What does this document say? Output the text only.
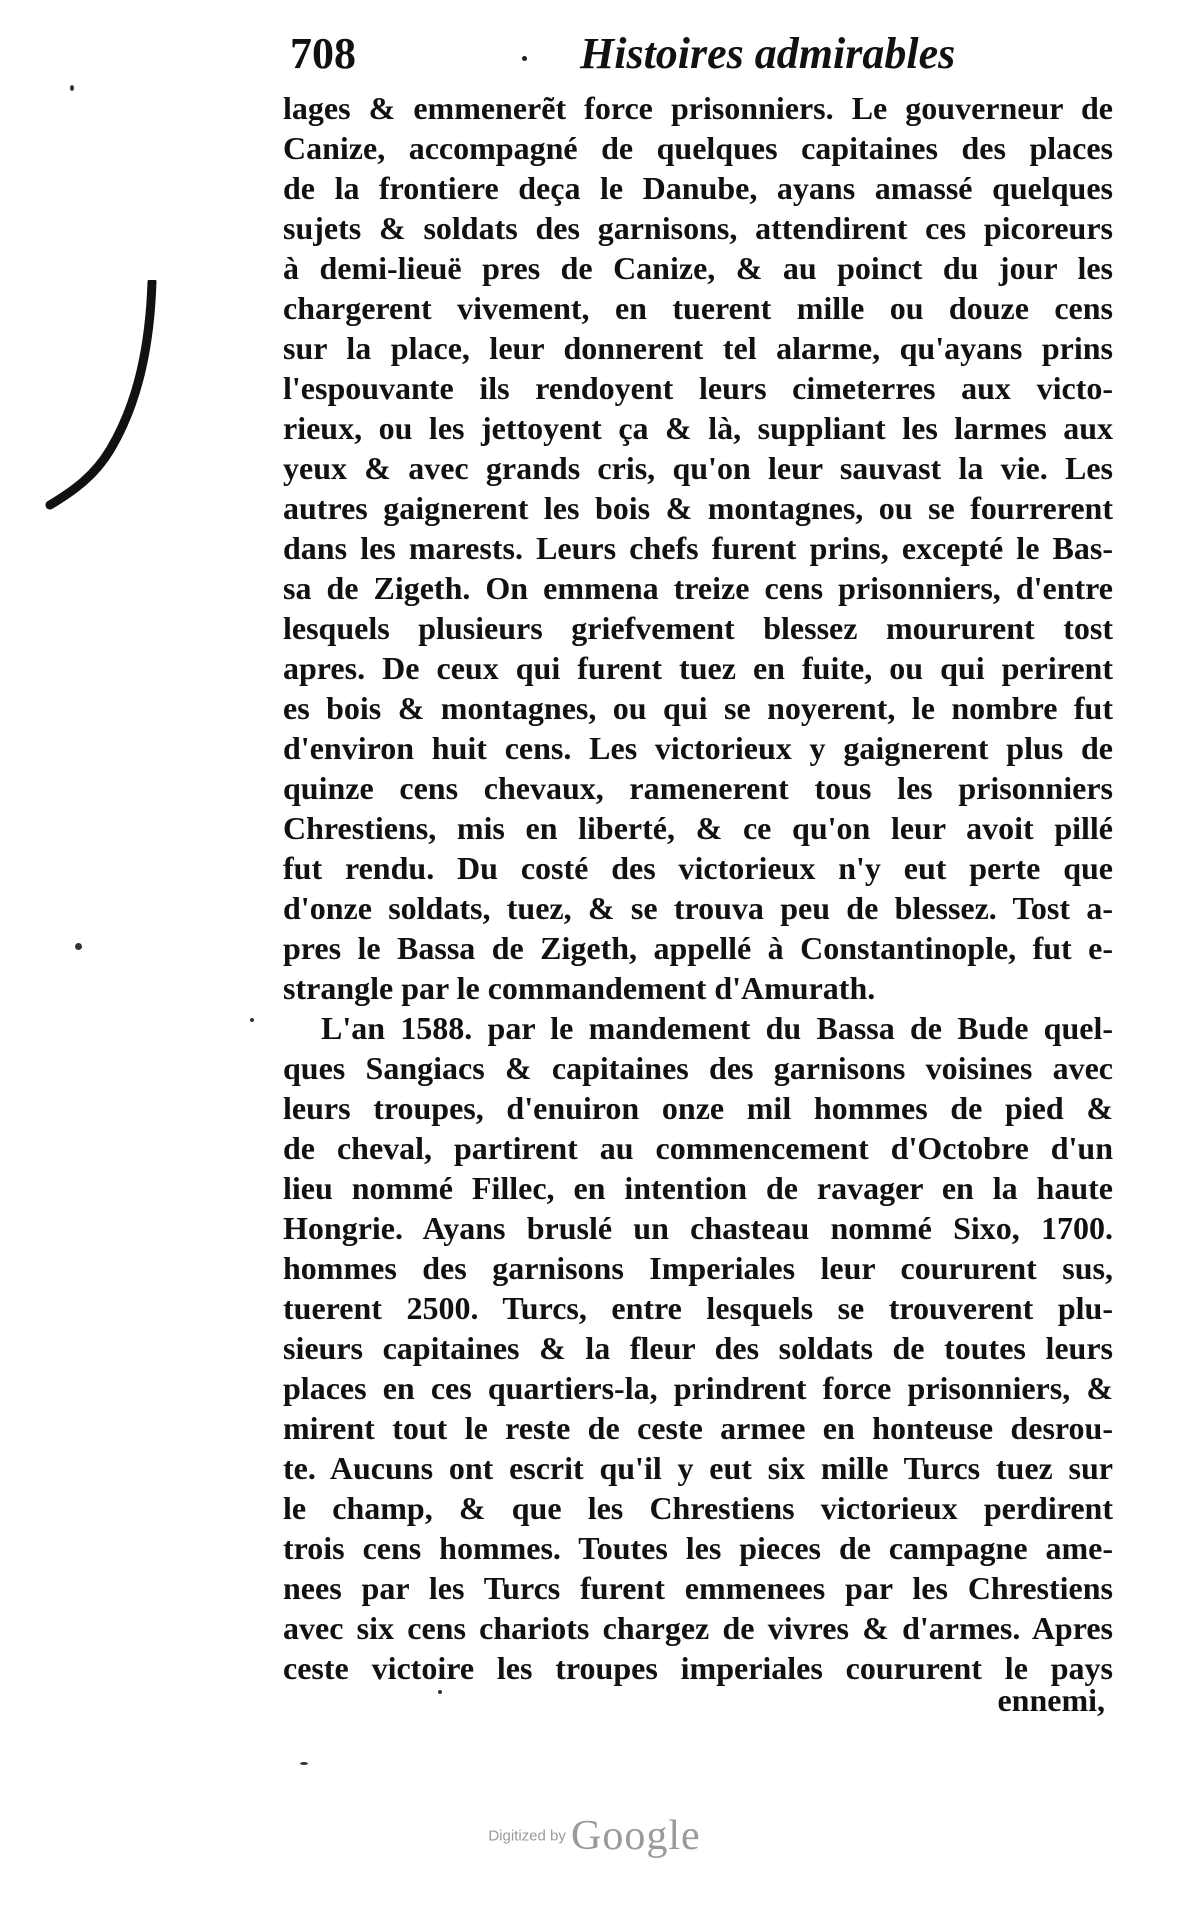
708	Histoires admirables
lages & emmenerẽt force prisonniers. Le gouverneur de
Canize, accompagné de quelques capitaines des places
de la frontiere deça le Danube, ayans amassé quelques
sujets & soldats des garnisons, attendirent ces picoreurs
à demi-lieuë pres de Canize, & au poinct du jour les
chargerent vivement, en tuerent mille ou douze cens
sur la place, leur donnerent tel alarme, qu'ayans prins
l'espouvante ils rendoyent leurs cimeterres aux victo-
rieux, ou les jettoyent ça & là, suppliant les larmes aux
yeux & avec grands cris, qu'on leur sauvast la vie. Les
autres gaignerent les bois & montagnes, ou se fourrerent
dans les marests. Leurs chefs furent prins, excepté le Bas-
sa de Zigeth. On emmena treize cens prisonniers, d'entre
lesquels plusieurs griefvement blessez moururent tost
apres. De ceux qui furent tuez en fuite, ou qui perirent
es bois & montagnes, ou qui se noyerent, le nombre fut
d'environ huit cens. Les victorieux y gaignerent plus de
quinze cens chevaux, ramenerent tous les prisonniers
Chrestiens, mis en liberté, & ce qu'on leur avoit pillé
fut rendu. Du costé des victorieux n'y eut perte que
d'onze soldats, tuez, & se trouva peu de blessez. Tost a-
pres le Bassa de Zigeth, appellé à Constantinople, fut e-
strangle par le commandement d'Amurath.
L'an 1588. par le mandement du Bassa de Bude quel-
ques Sangiacs & capitaines des garnisons voisines avec
leurs troupes, d'enuiron onze mil hommes de pied &
de cheval, partirent au commencement d'Octobre d'un
lieu nommé Fillec, en intention de ravager en la haute
Hongrie. Ayans bruslé un chasteau nommé Sixo, 1700.
hommes des garnisons Imperiales leur coururent sus,
tuerent 2500. Turcs, entre lesquels se trouverent plu-
sieurs capitaines & la fleur des soldats de toutes leurs
places en ces quartiers-la, prindrent force prisonniers, &
mirent tout le reste de ceste armee en honteuse desrou-
te. Aucuns ont escrit qu'il y eut six mille Turcs tuez sur
le champ, & que les Chrestiens victorieux perdirent
trois cens hommes. Toutes les pieces de campagne ame-
nees par les Turcs furent emmenees par les Chrestiens
avec six cens chariots chargez de vivres & d'armes. Apres
ceste victoire les troupes imperiales coururent le pays
ennemi,
Digitized by Google
